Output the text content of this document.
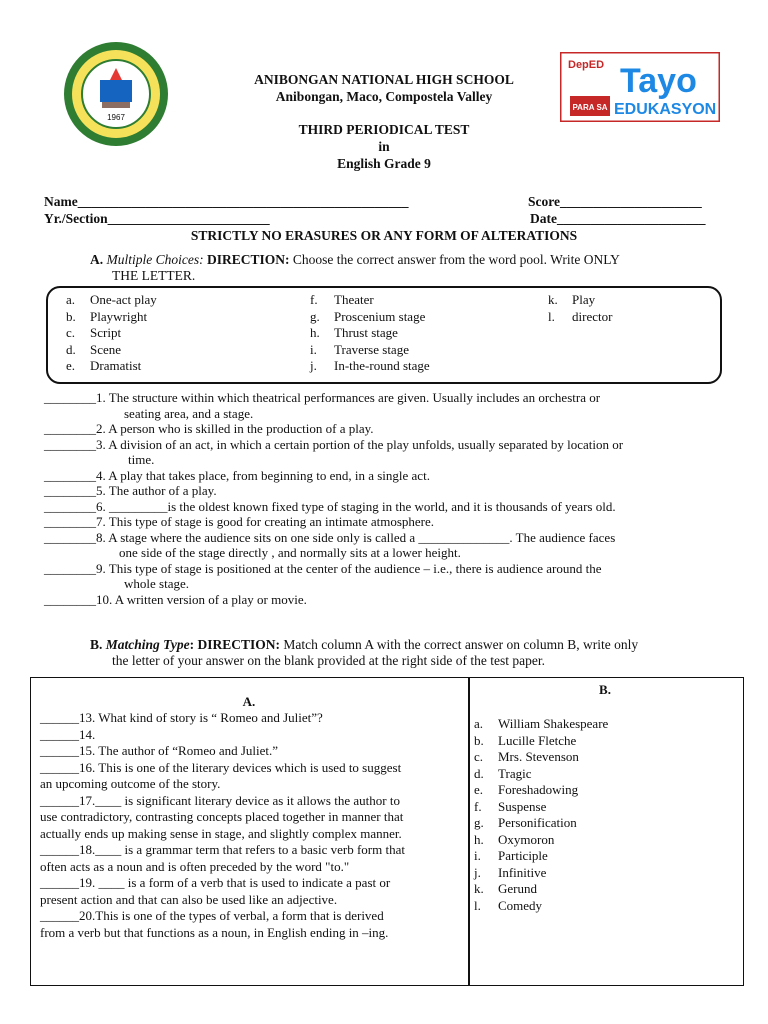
1967
DepED Tayo
PARA SA EDUKASYON
ANIBONGAN NATIONAL HIGH SCHOOL
Anibongan, Maco, Compostela Valley
THIRD PERIODICAL TEST
in
English Grade 9
Name_________________________________________________	Score_____________________
Yr./Section________________________	Date______________________
STRICTLY NO ERASURES OR ANY FORM OF ALTERATIONS
A. Multiple Choices: DIRECTION: Choose the correct answer from the word pool. Write ONLY
THE LETTER.
a. One-act play
b. Playwright
c. Script
d. Scene
e. Dramatist
f. Theater
g. Proscenium stage
h. Thrust stage
i. Traverse stage
j. In-the-round stage
k. Play
l. director
________1. The structure within which theatrical performances are given. Usually includes an orchestra or
seating area, and a stage.
________2. A person who is skilled in the production of a play.
________3. A division of an act, in which a certain portion of the play unfolds, usually separated by location or
time.
________4. A play that takes place, from beginning to end, in a single act.
________5. The author of a play.
________6. _________is the oldest known fixed type of staging in the world, and it is thousands of years old.
________7. This type of stage is good for creating an intimate atmosphere.
________8. A stage where the audience sits on one side only is called a ______________. The audience faces
one side of the stage directly , and normally sits at a lower height.
________9. This type of stage is positioned at the center of the audience – i.e., there is audience around the
whole stage.
________10. A written version of a play or movie.
B. Matching Type: DIRECTION: Match column A with the correct answer on column B, write only
the letter of your answer on the blank provided at the right side of the test paper.
A.
B.
______13. What kind of story is “ Romeo and Juliet”?
______14.
______15. The author of “Romeo and Juliet.”
______16. This is one of the literary devices which is used to suggest
an upcoming outcome of the story.
______17.____ is significant literary device as it allows the author to
use contradictory, contrasting concepts placed together in manner that
actually ends up making sense in stage, and slightly complex manner.
______18.____ is a grammar term that refers to a basic verb form that
often acts as a noun and is often preceded by the word "to."
______19. ____ is a form of a verb that is used to indicate a past or
present action and that can also be used like an adjective.
______20.This is one of the types of verbal, a form that is derived
from a verb but that functions as a noun, in English ending in –ing.
a. William Shakespeare
b. Lucille Fletche
c. Mrs. Stevenson
d. Tragic
e. Foreshadowing
f. Suspense
g. Personification
h. Oxymoron
i. Participle
j. Infinitive
k. Gerund
l. Comedy
